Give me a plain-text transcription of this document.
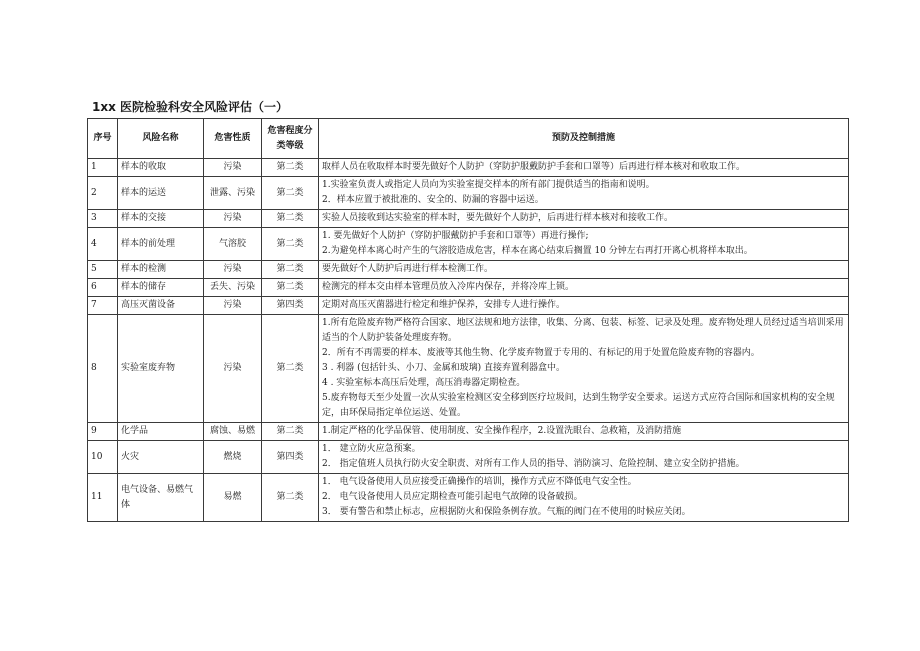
1xx 医院检验科安全风险评估（一）
序号	风险名称	危害性质	危害程度分类等级	预防及控制措施
1	样本的收取	污染	第二类	取样人员在收取样本时要先做好个人防护（穿防护服戴防护手套和口罩等）后再进行样本核对和收取工作。

2	样本的运送	泄露、污染	第二类	1.实验室负责人或指定人员向为实验室提交样本的所有部门提供适当的指南和说明。
2．样本应置于被批准的、安全的、防漏的容器中运送。

3	样本的交接	污染	第二类	实验人员接收到达实验室的样本时，要先做好个人防护，后再进行样本核对和接收工作。

4	样本的前处理	气溶胶	第二类	1. 要先做好个人防护（穿防护服戴防护手套和口罩等）再进行操作;
2.为避免样本离心时产生的气溶胶造成危害，样本在离心结束后搁置 10 分钟左右再打开离心机将样本取出。

5	样本的检测	污染	第二类	要先做好个人防护后再进行样本检测工作。

6	样本的储存	丢失、污染	第二类	检测完的样本交由样本管理员放入冷库内保存，并将冷库上锁。

7	高压灭菌设备	污染	第四类	定期对高压灭菌器进行检定和维护保养，安排专人进行操作。

8	实验室废弃物	污染	第二类	1.所有危险废弃物严格符合国家、地区法规和地方法律，收集、分离、包装、标签、记录及处理。废弃物处理人员经过适当培训采用适当的个人防护装备处理废弃物。
2．所有不再需要的样本、废液等其他生物、化学废弃物置于专用的、有标记的用于处置危险废弃物的容器内。
3 . 利器 (包括针头、小刀、金属和玻璃) 直接弃置利器盒中。
4 . 实验室标本高压后处理，高压消毒器定期检查。
5.废弃物每天至少处置一次从实验室检测区安全移到医疗垃圾间，达到生物学安全要求。运送方式应符合国际和国家机构的安全规定，由环保局指定单位运送、处置。

9	化学品	腐蚀、易燃	第二类	1.制定严格的化学品保管、使用制度、安全操作程序，2.设置洗眼台、急救箱，及消防措施

10	火灾	燃烧	第四类	1． 建立防火应急预案。
2． 指定值班人员执行防火安全职责、对所有工作人员的指导、消防演习、危险控制、建立安全防护措施。

11	电气设备、易燃气体	易燃	第二类	1． 电气设备使用人员应接受正确操作的培训，操作方式应不降低电气安全性。
2． 电气设备使用人员应定期检查可能引起电气故障的设备破损。
3． 要有警告和禁止标志，应根据防火和保险条例存放。气瓶的阀门在不使用的时候应关闭。
